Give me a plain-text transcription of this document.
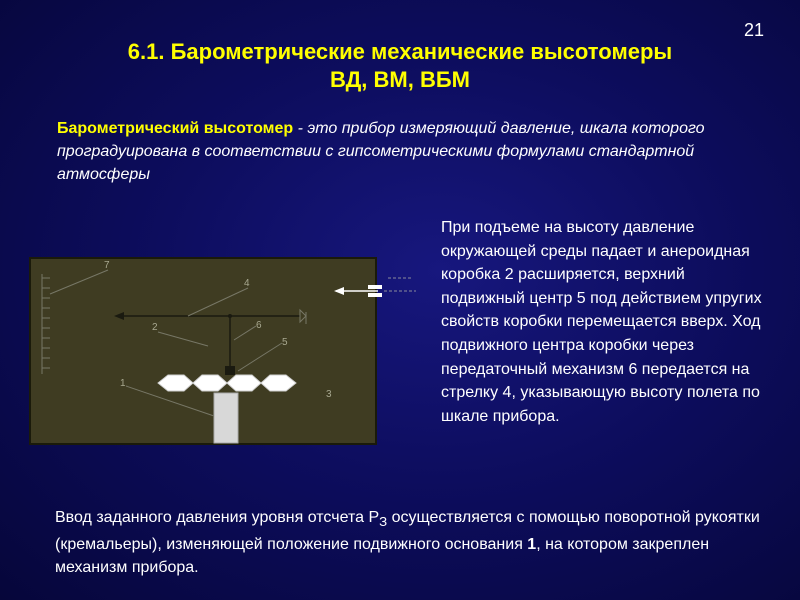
21
6.1. Барометрические механические высотомеры
ВД, ВМ, ВБМ
Барометрический высотомер - это прибор измеряющий давление, шкала которого проградуирована в соответствии с гипсометрическими формулами стандартной атмосферы
7
4
2	6
5
1
3
При подъеме на высоту давление окружающей среды падает и анероидная коробка 2 расширяется, верхний подвижный центр 5 под действием упругих свойств коробки перемещается вверх. Ход подвижного центра коробки через передаточный механизм 6 передается на стрелку 4, указывающую высоту полета по шкале прибора.
Ввод заданного давления уровня отсчета $Р_З$ осуществляется с помощью поворотной рукоятки (кремальеры), изменяющей положение подвижного основания 1, на котором закреплен механизм прибора.
